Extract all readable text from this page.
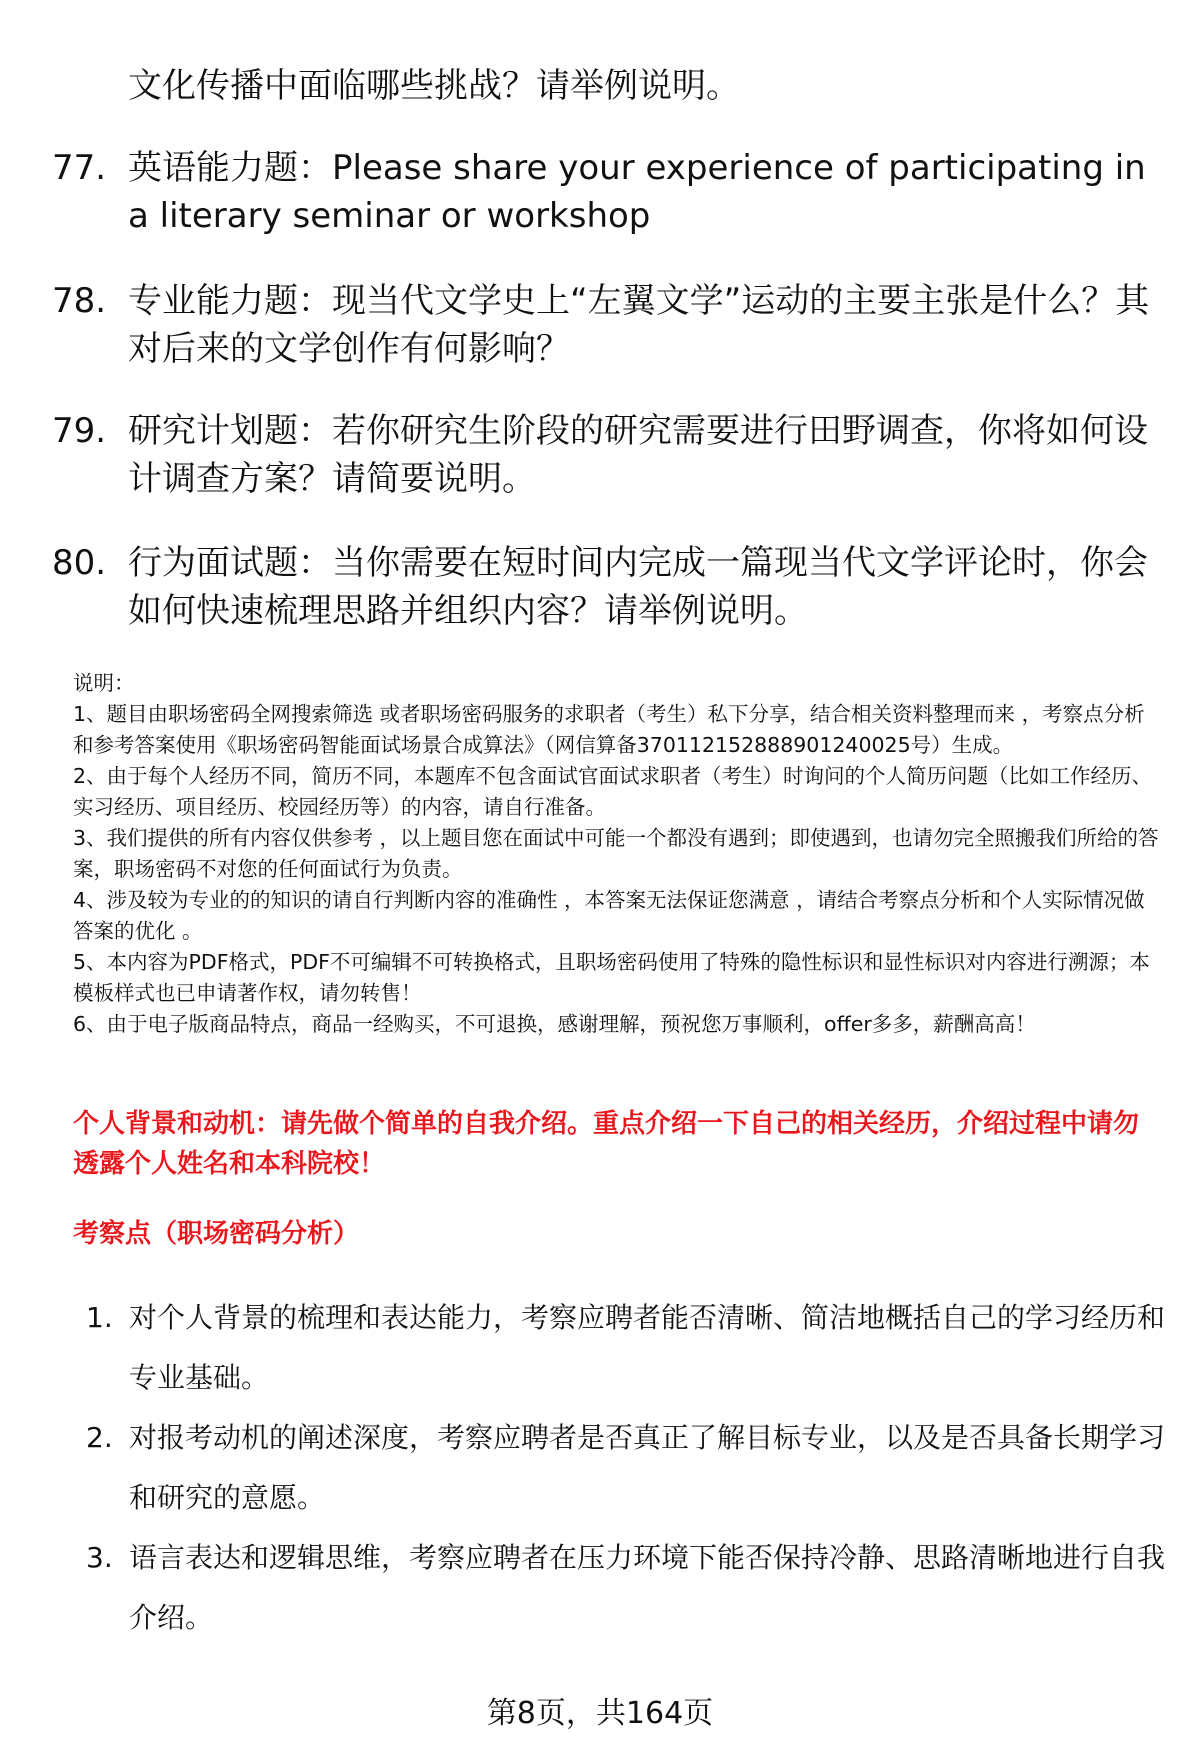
文化传播中面临哪些挑战？请举例说明。
77. 英语能力题：Please share your experience of participating in a literary seminar or workshop
78. 专业能力题：现当代文学史上“左翼文学”运动的主要主张是什么？其对后来的文学创作有何影响？
79. 研究计划题：若你研究生阶段的研究需要进行田野调查，你将如何设计调查方案？请简要说明。
80. 行为面试题：当你需要在短时间内完成一篇现当代文学评论时，你会如何快速梳理思路并组织内容？请举例说明。
说明：
1、题目由职场密码全网搜索筛选 或者职场密码服务的求职者（考生）私下分享，结合相关资料整理而来 ，考察点分析和参考答案使用《职场密码智能面试场景合成算法》（网信算备370112152888901240025号）生成。
2、由于每个人经历不同，简历不同，本题库不包含面试官面试求职者（考生）时询问的个人简历问题（比如工作经历、实习经历、项目经历、校园经历等）的内容，请自行准备。
3、我们提供的所有内容仅供参考 ，以上题目您在面试中可能一个都没有遇到；即使遇到，也请勿完全照搬我们所给的答案，职场密码不对您的任何面试行为负责。
4、涉及较为专业的的知识的请自行判断内容的准确性 ，本答案无法保证您满意 ，请结合考察点分析和个人实际情况做答案的优化 。
5、本内容为PDF格式，PDF不可编辑不可转换格式，且职场密码使用了特殊的隐性标识和显性标识对内容进行溯源；本模板样式也已申请著作权，请勿转售！
6、由于电子版商品特点，商品一经购买，不可退换，感谢理解，预祝您万事顺利，offer多多，薪酬高高！
个人背景和动机：请先做个简单的自我介绍。重点介绍一下自己的相关经历，介绍过程中请勿透露个人姓名和本科院校！
考察点（职场密码分析）
1. 对个人背景的梳理和表达能力，考察应聘者能否清晰、简洁地概括自己的学习经历和专业基础。
2. 对报考动机的阐述深度，考察应聘者是否真正了解目标专业，以及是否具备长期学习和研究的意愿。
3. 语言表达和逻辑思维，考察应聘者在压力环境下能否保持冷静、思路清晰地进行自我介绍。
第8页，共164页
